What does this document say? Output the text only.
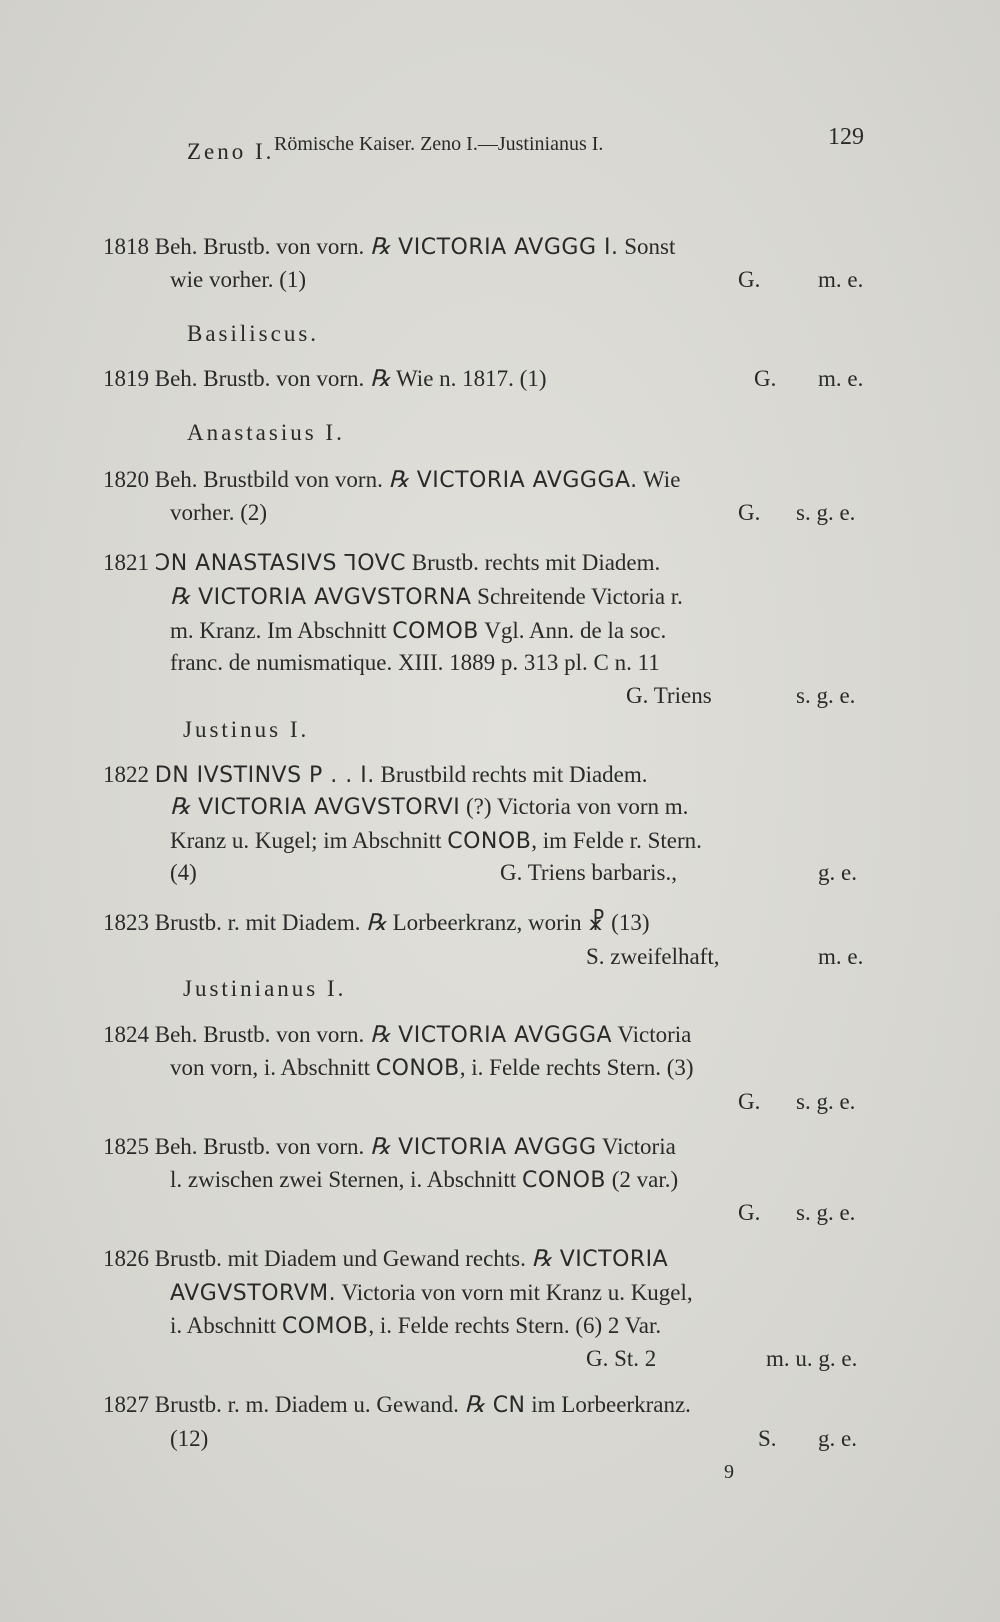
Römische Kaiser. Zeno I.—Justinianus I.	129
Zeno I.
1818 Beh. Brustb. von vorn. ℞ VICTORIA AVGGG I. Sonst
wie vorher. (1)	G.	m. e.
Basiliscus.
1819 Beh. Brustb. von vorn. ℞ Wie n. 1817. (1)	G. m. e.
Anastasius I.
1820 Beh. Brustbild von vorn. ℞ VICTORIA AVGGGA. Wie
vorher. (2)	G. s. g. e.
1821 ƆN ANASTASIVS ꓶOVC Brustb. rechts mit Diadem.
℞ VICTORIA AVGVSTORNA Schreitende Victoria r.
m. Kranz. Im Abschnitt COMOB Vgl. Ann. de la soc.
franc. de numismatique. XIII. 1889 p. 313 pl. C n. 11
G. Triens	s. g. e.
Justinus I.
1822 DN IVSTINVS P . . I. Brustbild rechts mit Diadem.
℞ VICTORIA AVGVSTORVI (?) Victoria von vorn m.
Kranz u. Kugel; im Abschnitt CONOB, im Felde r. Stern.
(4)	G. Triens barbaris.,	g. e.
1823 Brustb. r. mit Diadem. ℞ Lorbeerkranz, worin ☧ (13)
S. zweifelhaft,	m. e.
Justinianus I.
1824 Beh. Brustb. von vorn. ℞ VICTORIA AVGGGA Victoria
von vorn, i. Abschnitt CONOB, i. Felde rechts Stern. (3)
G. s. g. e.
1825 Beh. Brustb. von vorn. ℞ VICTORIA AVGGG Victoria
l. zwischen zwei Sternen, i. Abschnitt CONOB (2 var.)
G. s. g. e.
1826 Brustb. mit Diadem und Gewand rechts. ℞ VICTORIA
AVGVSTORVM. Victoria von vorn mit Kranz u. Kugel,
i. Abschnitt COMOB, i. Felde rechts Stern. (6) 2 Var.
G. St. 2	m. u. g. e.
1827 Brustb. r. m. Diadem u. Gewand. ℞ CN im Lorbeerkranz.
(12)	S. g. e.
9
